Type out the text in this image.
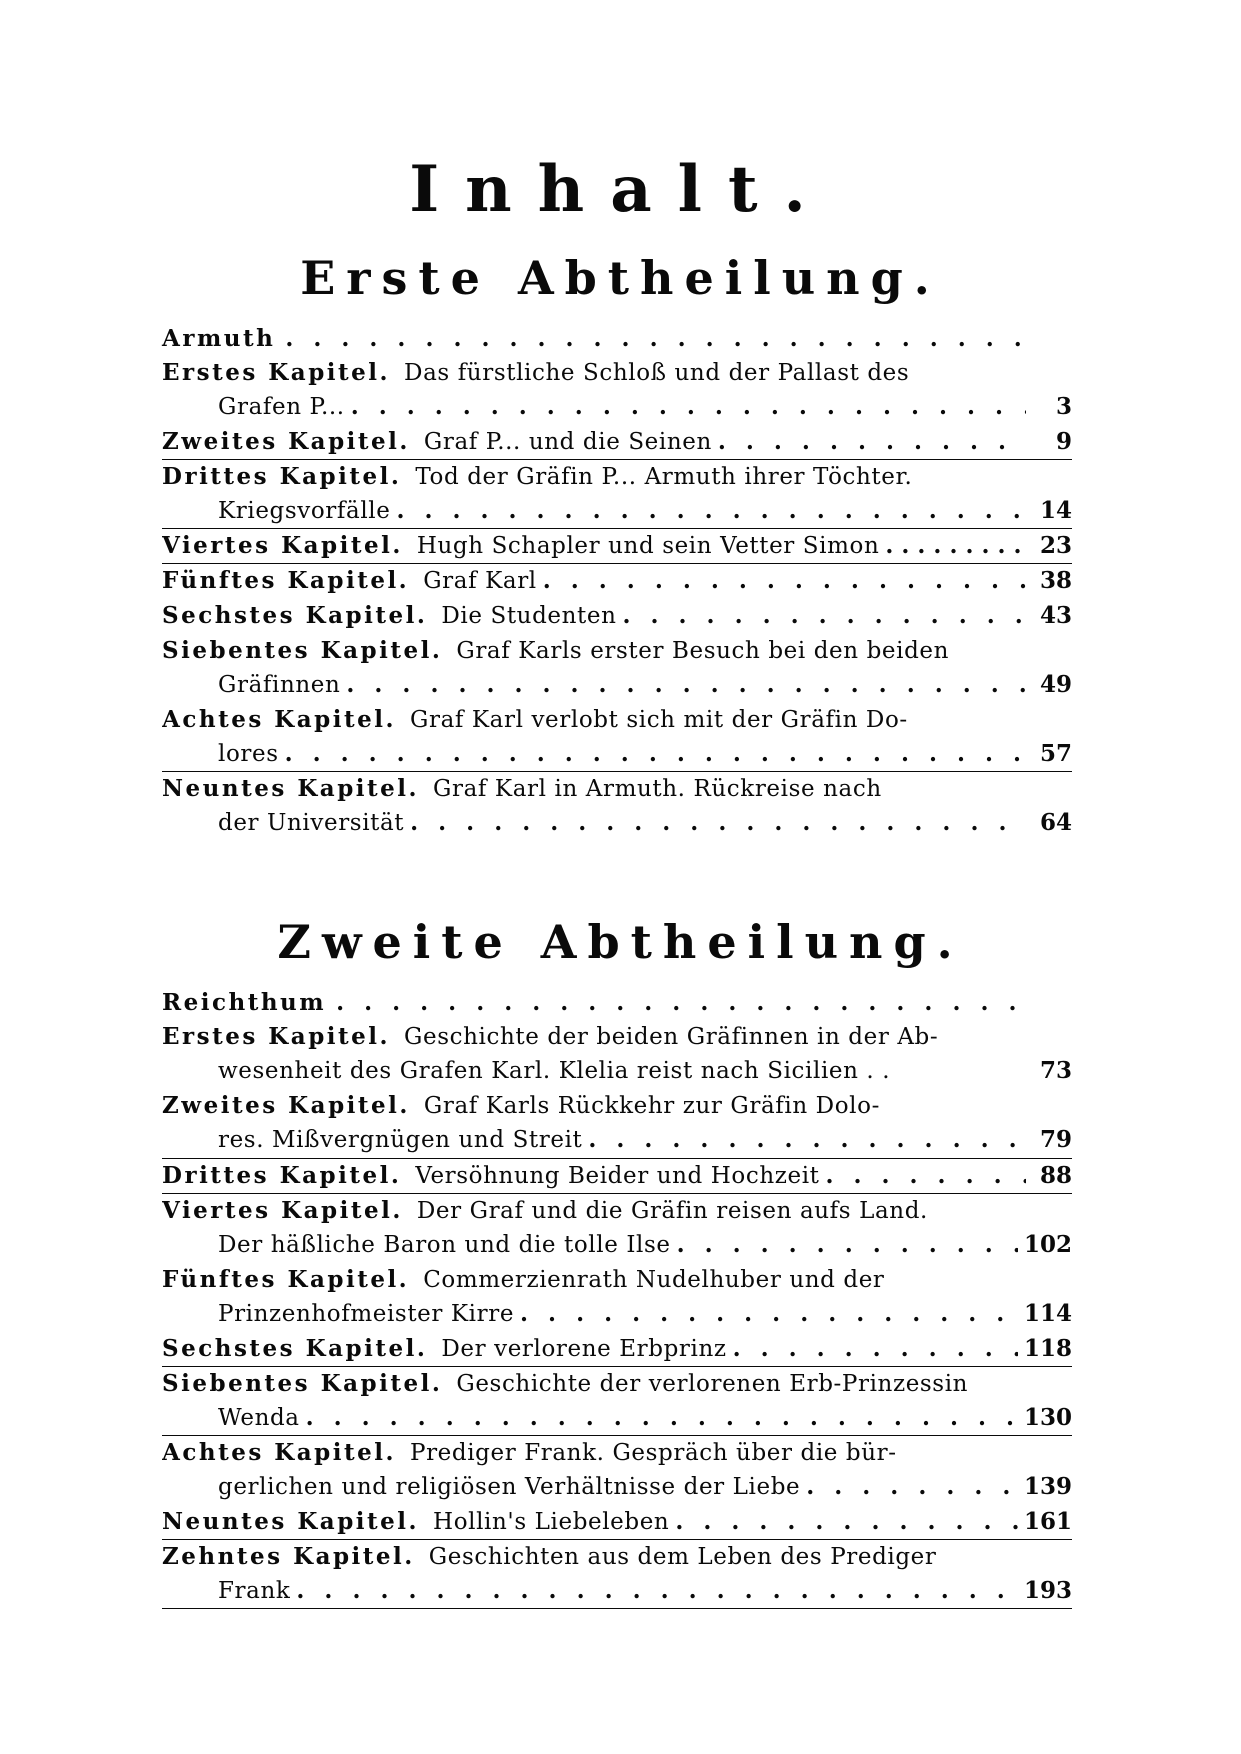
Inhalt.
Erste Abtheilung.
Armuth
. . .
Erstes Kapitel. Das fürstliche Schloß und der Pallast des
Grafen P... . . .	3
Zweites Kapitel. Graf P... und die Seinen . . .	9
Drittes Kapitel. Tod der Gräfin P... Armuth ihrer Töchter.
Kriegsvorfälle . . .	14
Viertes Kapitel. Hugh Schapler und sein Vetter Simon . . .	23
Fünftes Kapitel. Graf Karl . . .	38
Sechstes Kapitel. Die Studenten . . .	43
Siebentes Kapitel. Graf Karls erster Besuch bei den beiden
Gräfinnen . . .	49
Achtes Kapitel. Graf Karl verlobt sich mit der Gräfin Do-
lores . . .	57
Neuntes Kapitel. Graf Karl in Armuth. Rückreise nach
der Universität . . .	64
Zweite Abtheilung.
Reichthum
. . .
Erstes Kapitel. Geschichte der beiden Gräfinnen in der Ab-
wesenheit des Grafen Karl. Klelia reist nach Sicilien . .	73
Zweites Kapitel. Graf Karls Rückkehr zur Gräfin Dolo-
res. Mißvergnügen und Streit . . .	79
Drittes Kapitel. Versöhnung Beider und Hochzeit . . .	88
Viertes Kapitel. Der Graf und die Gräfin reisen aufs Land.
Der häßliche Baron und die tolle Ilse . . .	102
Fünftes Kapitel. Commerzienrath Nudelhuber und der
Prinzenhofmeister Kirre . . .	114
Sechstes Kapitel. Der verlorene Erbprinz . . .	118
Siebentes Kapitel. Geschichte der verlorenen Erb-Prinzessin
Wenda . . .	130
Achtes Kapitel. Prediger Frank. Gespräch über die bür-
gerlichen und religiösen Verhältnisse der Liebe . . .	139
Neuntes Kapitel. Hollin's Liebeleben . . .	161
Zehntes Kapitel. Geschichten aus dem Leben des Prediger
Frank . . .	193
